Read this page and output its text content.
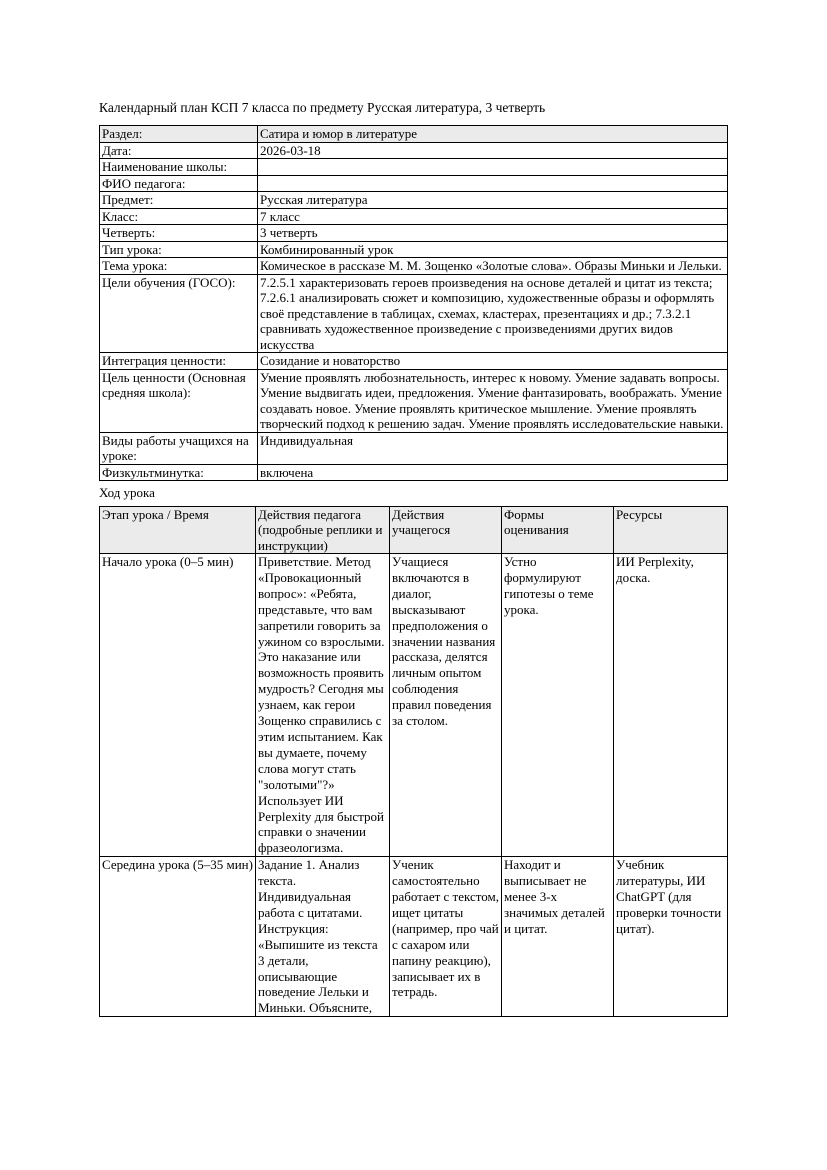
Календарный план КСП 7 класса по предмету Русская литература, 3 четверть

Раздел:	Сатира и юмор в литературе
Дата:	2026-03-18
Наименование школы:	
ФИО педагога:	
Предмет:	Русская литература
Класс:	7 класс
Четверть:	3 четверть
Тип урока:	Комбинированный урок
Тема урока:	Комическое в рассказе М. М. Зощенко «Золотые слова». Образы Миньки и Лельки.
Цели обучения (ГОСО):	7.2.5.1 характеризовать героев произведения на основе деталей и цитат из текста; 7.2.6.1 анализировать сюжет и композицию, художественные образы и оформлять своё представление в таблицах, схемах, кластерах, презентациях и др.; 7.3.2.1 сравнивать художественное произведение с произведениями других видов искусства
Интеграция ценности:	Созидание и новаторство
Цель ценности (Основная средняя школа):	Умение проявлять любознательность, интерес к новому. Умение задавать вопросы. Умение выдвигать идеи, предложения. Умение фантазировать, воображать. Умение создавать новое. Умение проявлять критическое мышление. Умение проявлять творческий подход к решению задач. Умение проявлять исследовательские навыки.
Виды работы учащихся на уроке:	Индивидуальная
Физкультминутка:	включена

Ход урока

Этап урока / Время	Действия педагога (подробные реплики и инструкции)	Действия учащегося	Формы оценивания	Ресурсы
Начало урока (0–5 мин)	Приветствие. Метод «Провокационный вопрос»: «Ребята, представьте, что вам запретили говорить за ужином со взрослыми. Это наказание или возможность проявить мудрость? Сегодня мы узнаем, как герои Зощенко справились с этим испытанием. Как вы думаете, почему слова могут стать "золотыми"?» Использует ИИ Perplexity для быстрой справки о значении фразеологизма.	Учащиеся включаются в диалог, высказывают предположения о значении названия рассказа, делятся личным опытом соблюдения правил поведения за столом.	Устно формулируют гипотезы о теме урока.	ИИ Perplexity, доска.
Середина урока (5–35 мин)	Задание 1. Анализ текста. Индивидуальная работа с цитатами. Инструкция: «Выпишите из текста 3 детали, описывающие поведение Лельки и Миньки. Объясните,	Ученик самостоятельно работает с текстом, ищет цитаты (например, про чай с сахаром или папину реакцию), записывает их в тетрадь.	Находит и выписывает не менее 3-х значимых деталей и цитат.	Учебник литературы, ИИ ChatGPT (для проверки точности цитат).
